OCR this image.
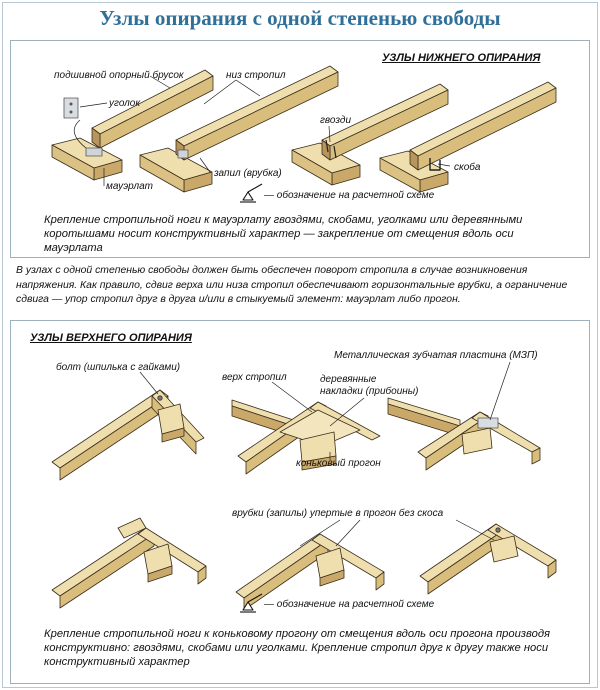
Узлы опирания с одной степенью свободы
УЗЛЫ НИЖНЕГО ОПИРАНИЯ
подшивной опорный брусок	низ стропил
уголок
гвозди
мауэрлат
запил (врубка)
скоба
— обозначение на расчетной схеме
Крепление стропильной ноги к мауэрлату гвоздями, скобами, уголками или деревянными коротышами носит конструктивный характер — закрепление от смещения вдоль оси мауэрлата
В узлах с одной степенью свободы должен быть обеспечен поворот стропила в случае возникновения напряжения. Как правило, сдвиг верха или низа стропил обеспечивают горизонтальные врубки, а ограничение сдвига — упор стропил друг в друга и/или в стыкуемый элемент: мауэрлат либо прогон.
УЗЛЫ ВЕРХНЕГО ОПИРАНИЯ
болт (шпилька с гайками)
верх стропил	деревянные накладки (прибоины)
Металлическая зубчатая пластина (МЗП)
коньковый прогон
врубки (запилы) упертые в прогон без скоса
— обозначение на расчетной схеме
Крепление стропильной ноги к коньковому прогону от смещения вдоль оси прогона производя конструктивно: гвоздями, скобами или уголками. Крепление стропил друг к другу также носи конструктивный характер
